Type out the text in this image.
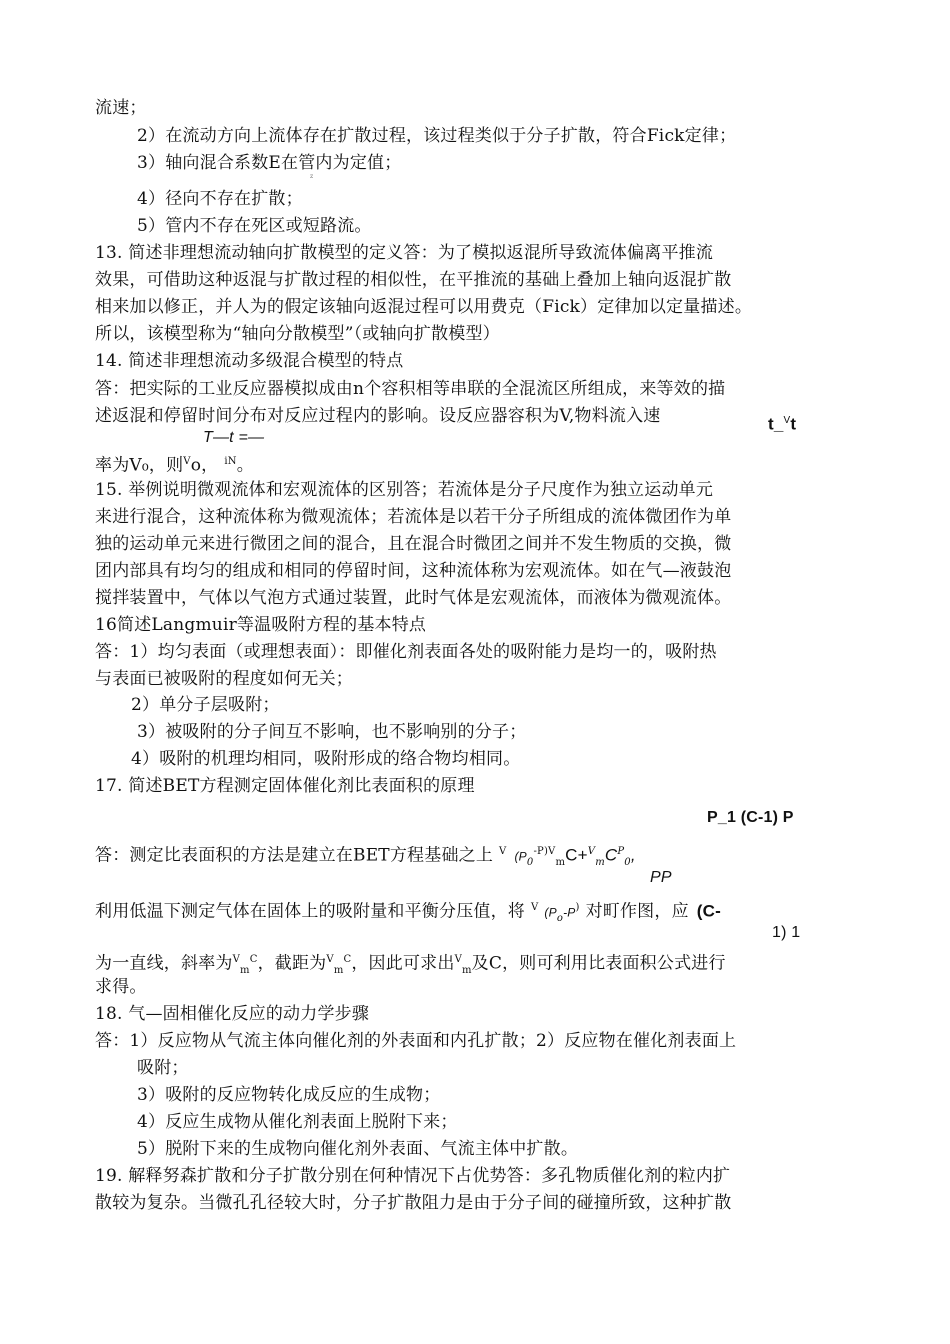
流速；
2）在流动方向上流体存在扩散过程，该过程类似于分子扩散，符合Fick定律；
3）轴向混合系数E在管内为定值；
z
4）径向不存在扩散；
5）管内不存在死区或短路流。
13. 简述非理想流动轴向扩散模型的定义答：为了模拟返混所导致流体偏离平推流
效果，可借助这种返混与扩散过程的相似性，在平推流的基础上叠加上轴向返混扩散
相来加以修正，并人为的假定该轴向返混过程可以用费克（Fick）定律加以定量描述。
所以，该模型称为“轴向分散模型”（或轴向扩散模型）
14. 简述非理想流动多级混合模型的特点
答：把实际的工业反应器模拟成由n个容积相等串联的全混流区所组成，来等效的描
述返混和停留时间分布对反应过程内的影响。设反应器容积为V,物料流入速	t_$^V$t
T—t =—
率为V₀，则$^V$o， $^{iN}$。
15. 举例说明微观流体和宏观流体的区别答；若流体是分子尺度作为独立运动单元
来进行混合，这种流体称为微观流体；若流体是以若干分子所组成的流体微团作为单
独的运动单元来进行微团之间的混合，且在混合时微团之间并不发生物质的交换，微
团内部具有均匀的组成和相同的停留时间，这种流体称为宏观流体。如在气—液鼓泡
搅拌装置中，气体以气泡方式通过装置，此时气体是宏观流体，而液体为微观流体。
16简述Langmuir等温吸附方程的基本特点
答：1）均匀表面（或理想表面）：即催化剂表面各处的吸附能力是均一的，吸附热
与表面已被吸附的程度如何无关；
2）单分子层吸附；
3）被吸附的分子间互不影响，也不影响别的分子；
4）吸附的机理均相同，吸附形成的络合物均相同。
17. 简述BET方程测定固体催化剂比表面积的原理
P_1 (C-1) P
答：测定比表面积的方法是建立在BET方程基础之上 $^V$ ($P_0^{-P)V}_mC+^V_mC^P_0$,
PP
利用低温下测定气体在固体上的吸附量和平衡分压值，将 $^V$ ($P_o-P^)$ 对町作图，应 (C-
1) 1
为一直线，斜率为$^V_m^C$，截距为$^V_m^C$，因此可求出$^V_m$及C，则可利用比表面积公式进行
求得。
18. 气—固相催化反应的动力学步骤
答：1）反应物从气流主体向催化剂的外表面和内孔扩散；2）反应物在催化剂表面上
吸附；
3）吸附的反应物转化成反应的生成物；
4）反应生成物从催化剂表面上脱附下来；
5）脱附下来的生成物向催化剂外表面、气流主体中扩散。
19. 解释努森扩散和分子扩散分别在何种情况下占优势答：多孔物质催化剂的粒内扩
散较为复杂。当微孔孔径较大时，分子扩散阻力是由于分子间的碰撞所致，这种扩散
